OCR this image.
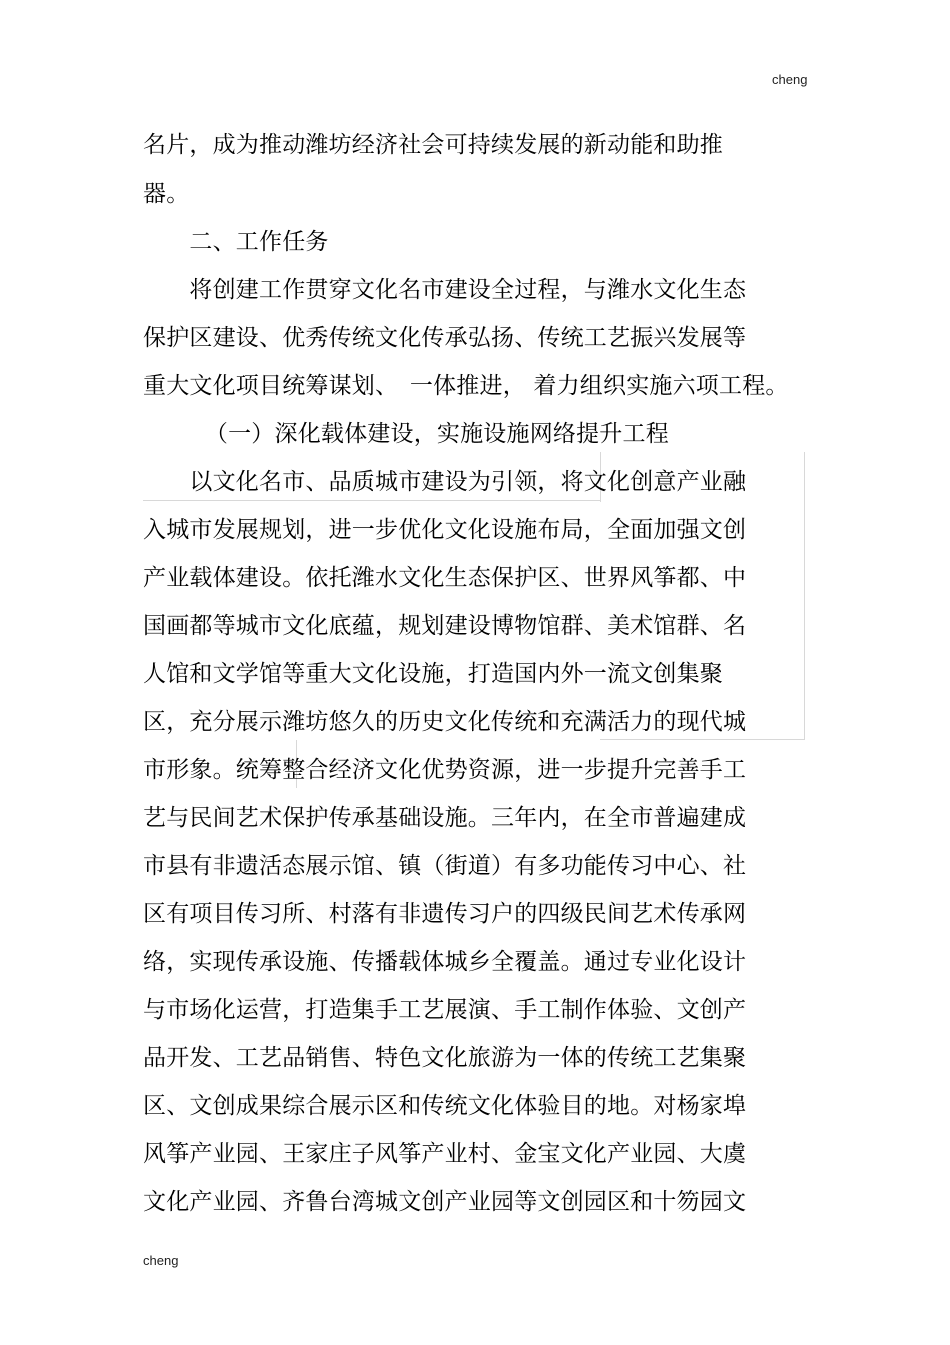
cheng
名片，成为推动潍坊经济社会可持续发展的新动能和助推
器。
　　二、工作任务
　　将创建工作贯穿文化名市建设全过程，与潍水文化生态
保护区建设、优秀传统文化传承弘扬、传统工艺振兴发展等
重大文化项目统筹谋划、　一体推进， 着力组织实施六项工程。
　　（一）深化载体建设，实施设施网络提升工程
　　以文化名市、品质城市建设为引领，将文化创意产业融
入城市发展规划，进一步优化文化设施布局，全面加强文创
产业载体建设。依托潍水文化生态保护区、世界风筝都、中
国画都等城市文化底蕴，规划建设博物馆群、美术馆群、名
人馆和文学馆等重大文化设施，打造国内外一流文创集聚
区，充分展示潍坊悠久的历史文化传统和充满活力的现代城
市形象。统筹整合经济文化优势资源，进一步提升完善手工
艺与民间艺术保护传承基础设施。三年内，在全市普遍建成
市县有非遗活态展示馆、镇（街道）有多功能传习中心、社
区有项目传习所、村落有非遗传习户的四级民间艺术传承网
络，实现传承设施、传播载体城乡全覆盖。通过专业化设计
与市场化运营，打造集手工艺展演、手工制作体验、文创产
品开发、工艺品销售、特色文化旅游为一体的传统工艺集聚
区、文创成果综合展示区和传统文化体验目的地。对杨家埠
风筝产业园、王家庄子风筝产业村、金宝文化产业园、大虞
文化产业园、齐鲁台湾城文创产业园等文创园区和十笏园文
cheng
